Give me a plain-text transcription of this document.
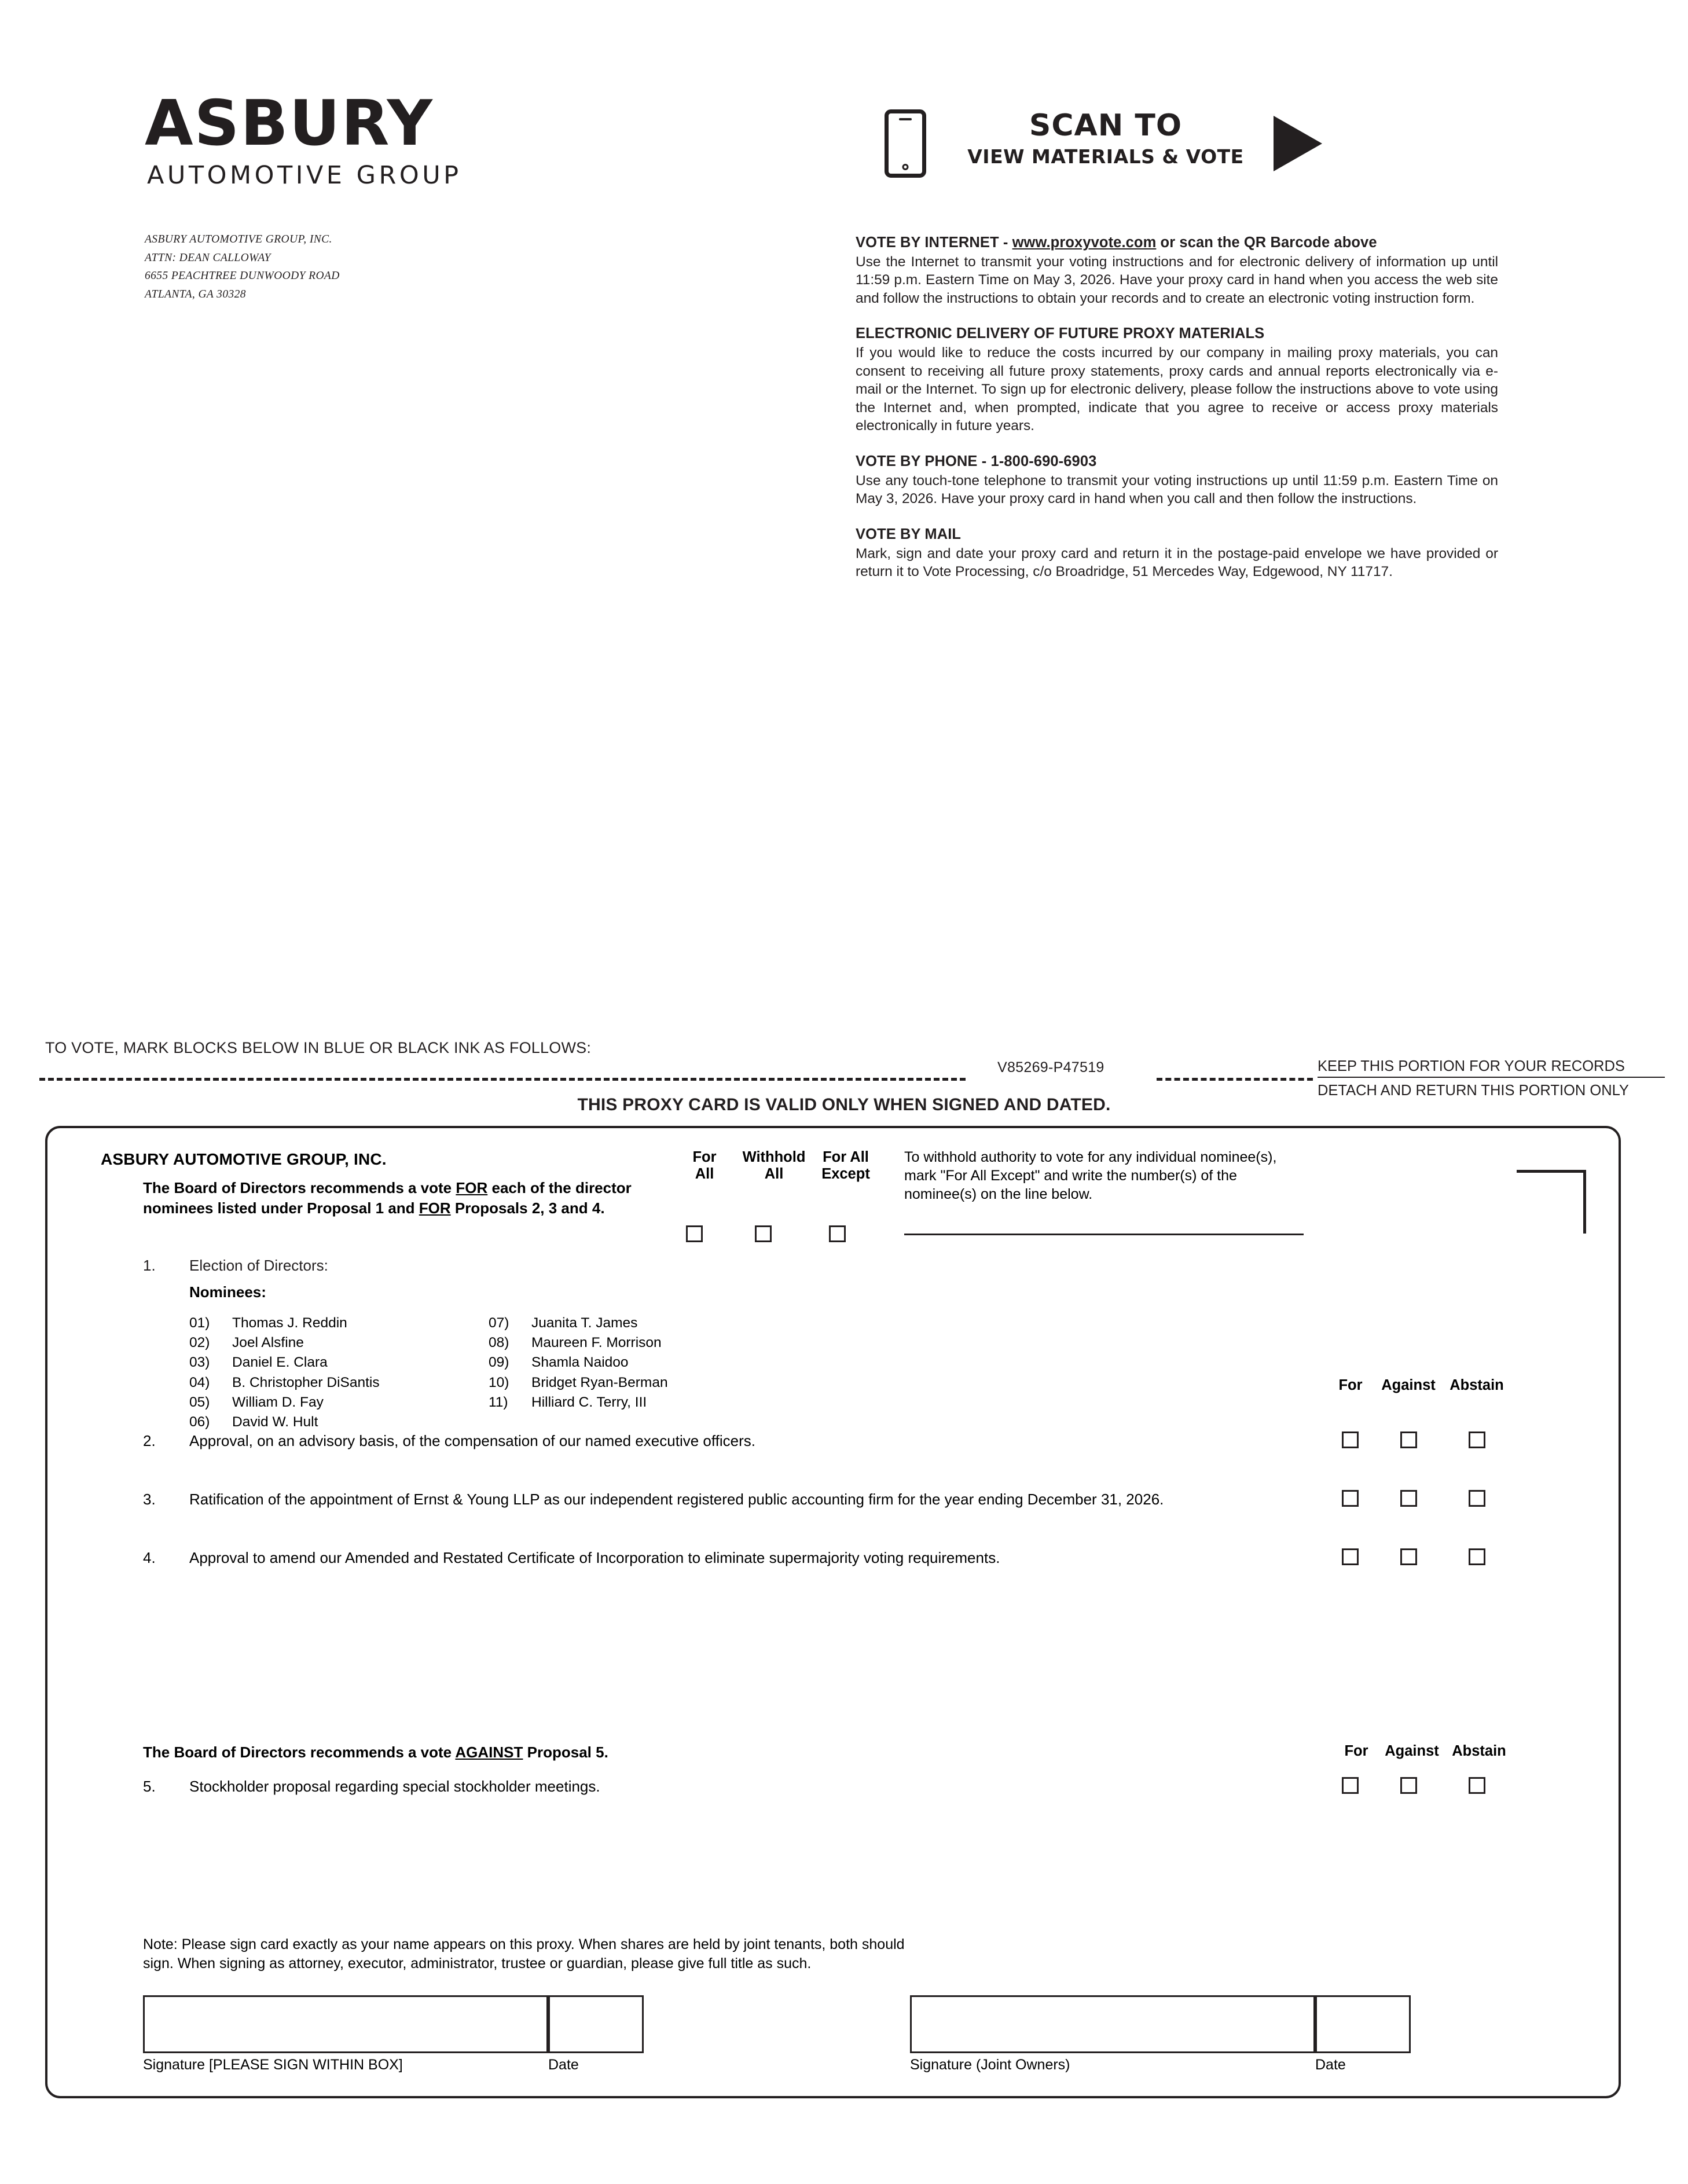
ASBURY
AUTOMOTIVE GROUP
ASBURY AUTOMOTIVE GROUP, INC.
ATTN: DEAN CALLOWAY
6655 PEACHTREE DUNWOODY ROAD
ATLANTA, GA 30328
SCAN TO
VIEW MATERIALS & VOTE

VOTE BY INTERNET - www.proxyvote.com or scan the QR Barcode above

Use the Internet to transmit your voting instructions and for electronic delivery of information up until 11:59 p.m. Eastern Time on May 3, 2026. Have your proxy card in hand when you access the web site and follow the instructions to obtain your records and to create an electronic voting instruction form.

ELECTRONIC DELIVERY OF FUTURE PROXY MATERIALS

If you would like to reduce the costs incurred by our company in mailing proxy materials, you can consent to receiving all future proxy statements, proxy cards and annual reports electronically via e-mail or the Internet. To sign up for electronic delivery, please follow the instructions above to vote using the Internet and, when prompted, indicate that you agree to receive or access proxy materials electronically in future years.

VOTE BY PHONE - 1-800-690-6903

Use any touch-tone telephone to transmit your voting instructions up until 11:59 p.m. Eastern Time on May 3, 2026. Have your proxy card in hand when you call and then follow the instructions.

VOTE BY MAIL

Mark, sign and date your proxy card and return it in the postage-paid envelope we have provided or return it to Vote Processing, c/o Broadridge, 51 Mercedes Way, Edgewood, NY 11717.

TO VOTE, MARK BLOCKS BELOW IN BLUE OR BLACK INK AS FOLLOWS:
V85269-P47519	KEEP THIS PORTION FOR YOUR RECORDS
DETACH AND RETURN THIS PORTION ONLY
THIS PROXY CARD IS VALID ONLY WHEN SIGNED AND DATED.
ASBURY AUTOMOTIVE GROUP, INC.
The Board of Directors recommends a vote FOR each of the director nominees listed under Proposal 1 and FOR Proposals 2, 3 and 4.
For
All
Withhold
All
For All
Except
To withhold authority to vote for any individual nominee(s), mark "For All Except" and write the number(s) of the nominee(s) on the line below.
1. Election of Directors:
Nominees:
01) Thomas J. Reddin
02) Joel Alsfine
03) Daniel E. Clara
04) B. Christopher DiSantis
05) William D. Fay
06) David W. Hult
07) Juanita T. James
08) Maureen F. Morrison
09) Shamla Naidoo
10) Bridget Ryan-Berman
11) Hilliard C. Terry, III
For	Against Abstain
2. Approval, on an advisory basis, of the compensation of our named executive officers.
3. Ratification of the appointment of Ernst & Young LLP as our independent registered public accounting firm for the year ending December 31, 2026.
4. Approval to amend our Amended and Restated Certificate of Incorporation to eliminate supermajority voting requirements.
The Board of Directors recommends a vote AGAINST Proposal 5.	For	Against Abstain
5. Stockholder proposal regarding special stockholder meetings.
Note: Please sign card exactly as your name appears on this proxy. When shares are held by joint tenants, both should sign. When signing as attorney, executor, administrator, trustee or guardian, please give full title as such.
Signature [PLEASE SIGN WITHIN BOX]	Date	Signature (Joint Owners)	Date
